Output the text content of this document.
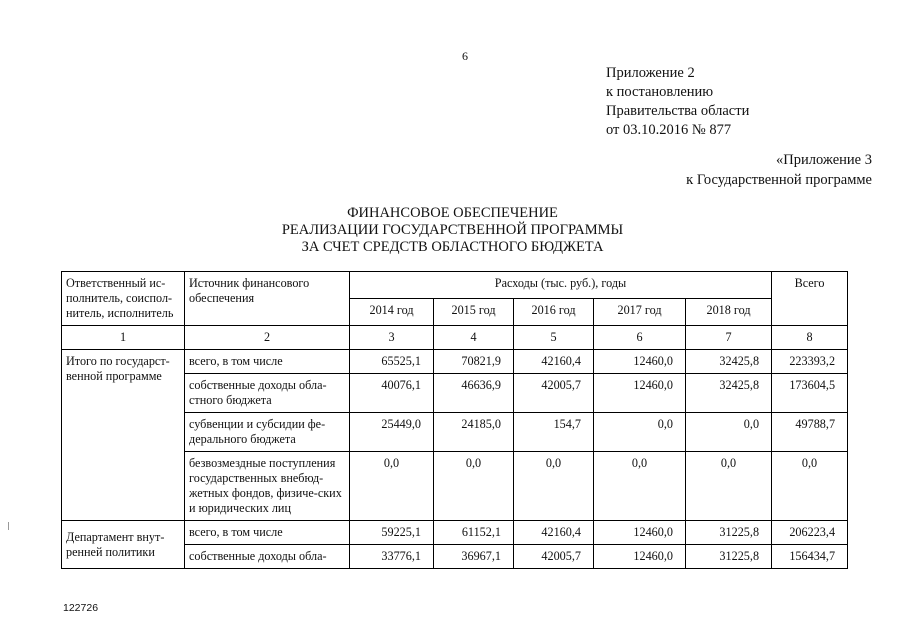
6
Приложение 2
к постановлению
Правительства области
от 03.10.2016 № 877
«Приложение 3
к Государственной программе
ФИНАНСОВОЕ ОБЕСПЕЧЕНИЕ
РЕАЛИЗАЦИИ ГОСУДАРСТВЕННОЙ ПРОГРАММЫ
ЗА СЧЕТ СРЕДСТВ ОБЛАСТНОГО БЮДЖЕТА
Ответственный ис-полнитель, соиспол-нитель, исполнитель	Источник финансового обеспечения	Расходы (тыс. руб.), годы					Всего
		2014 год	2015 год	2016 год	2017 год	2018 год	
1	2	3	4	5	6	7	8
Итого по государст-венной программе	всего, в том числе	65525,1	70821,9	42160,4	12460,0	32425,8	223393,2
	собственные доходы обла-стного бюджета	40076,1	46636,9	42005,7	12460,0	32425,8	173604,5
	субвенции и субсидии фе-дерального бюджета	25449,0	24185,0	154,7	0,0	0,0	49788,7
	безвозмездные поступления государственных внебюд-жетных фондов, физиче-ских и юридических лиц	0,0	0,0	0,0	0,0	0,0	0,0
Департамент внут-ренней политики	всего, в том числе	59225,1	61152,1	42160,4	12460,0	31225,8	206223,4
	собственные доходы обла-	33776,1	36967,1	42005,7	12460,0	31225,8	156434,7
122726
